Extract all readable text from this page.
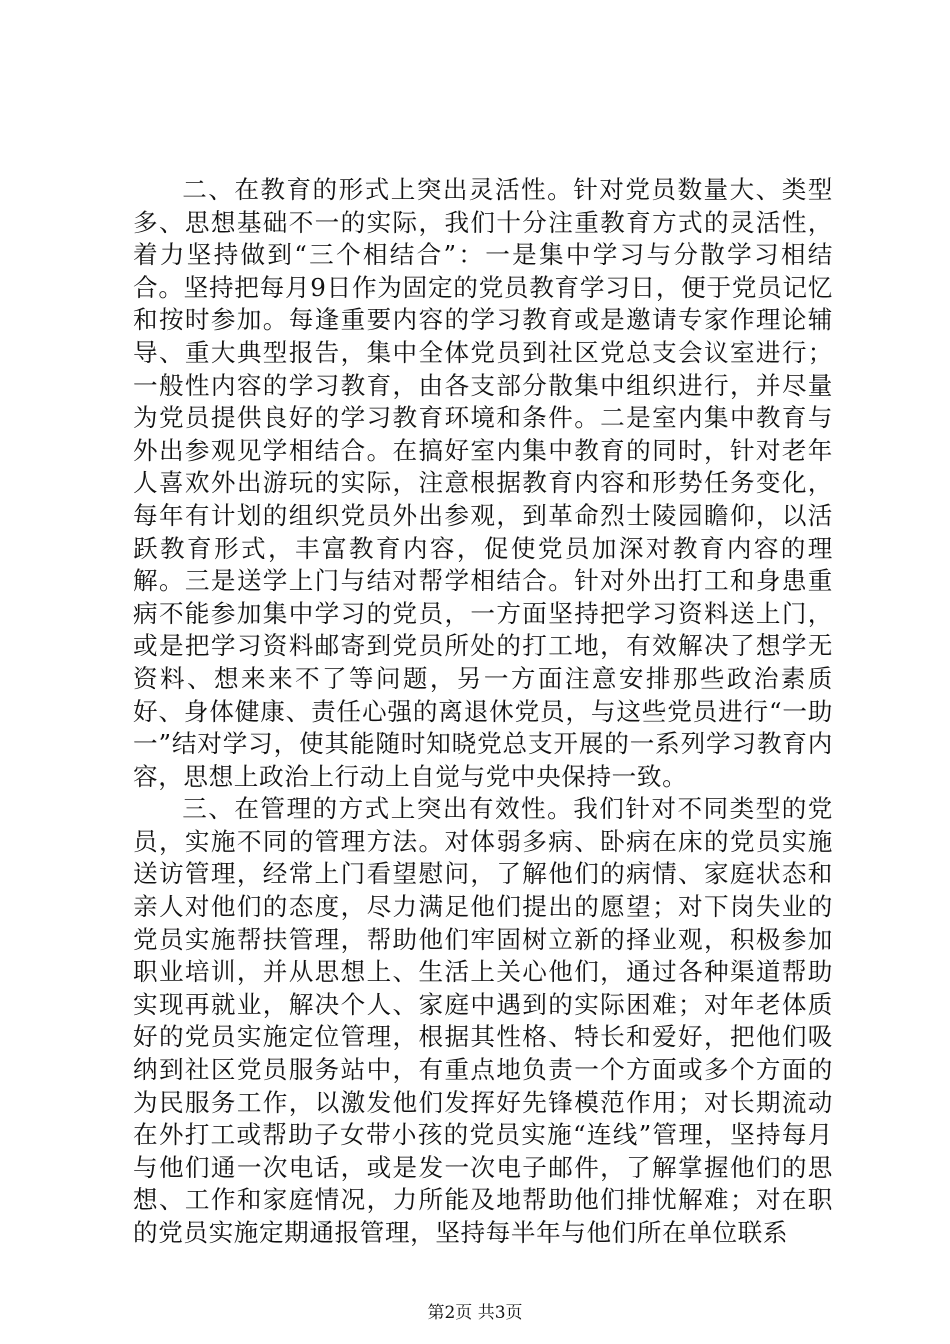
二、在教育的形式上突出灵活性。针对党员数量大、类型多、思想基础不一的实际，我们十分注重教育方式的灵活性，着力坚持做到“三个相结合”：一是集中学习与分散学习相结合。坚持把每月9日作为固定的党员教育学习日，便于党员记忆和按时参加。每逢重要内容的学习教育或是邀请专家作理论辅导、重大典型报告，集中全体党员到社区党总支会议室进行；一般性内容的学习教育，由各支部分散集中组织进行，并尽量为党员提供良好的学习教育环境和条件。二是室内集中教育与外出参观见学相结合。在搞好室内集中教育的同时，针对老年人喜欢外出游玩的实际，注意根据教育内容和形势任务变化，每年有计划的组织党员外出参观，到革命烈士陵园瞻仰，以活跃教育形式，丰富教育内容，促使党员加深对教育内容的理解。三是送学上门与结对帮学相结合。针对外出打工和身患重病不能参加集中学习的党员，一方面坚持把学习资料送上门，或是把学习资料邮寄到党员所处的打工地，有效解决了想学无资料、想来来不了等问题，另一方面注意安排那些政治素质好、身体健康、责任心强的离退休党员，与这些党员进行“一助一”结对学习，使其能随时知晓党总支开展的一系列学习教育内容，思想上政治上行动上自觉与党中央保持一致。

三、在管理的方式上突出有效性。我们针对不同类型的党员，实施不同的管理方法。对体弱多病、卧病在床的党员实施送访管理，经常上门看望慰问，了解他们的病情、家庭状态和亲人对他们的态度，尽力满足他们提出的愿望；对下岗失业的党员实施帮扶管理，帮助他们牢固树立新的择业观，积极参加职业培训，并从思想上、生活上关心他们，通过各种渠道帮助实现再就业，解决个人、家庭中遇到的实际困难；对年老体质好的党员实施定位管理，根据其性格、特长和爱好，把他们吸纳到社区党员服务站中，有重点地负责一个方面或多个方面的为民服务工作，以激发他们发挥好先锋模范作用；对长期流动在外打工或帮助子女带小孩的党员实施“连线”管理，坚持每月与他们通一次电话，或是发一次电子邮件，了解掌握他们的思想、工作和家庭情况，力所能及地帮助他们排忧解难；对在职的党员实施定期通报管理，坚持每半年与他们所在单位联系

第2页 共3页
